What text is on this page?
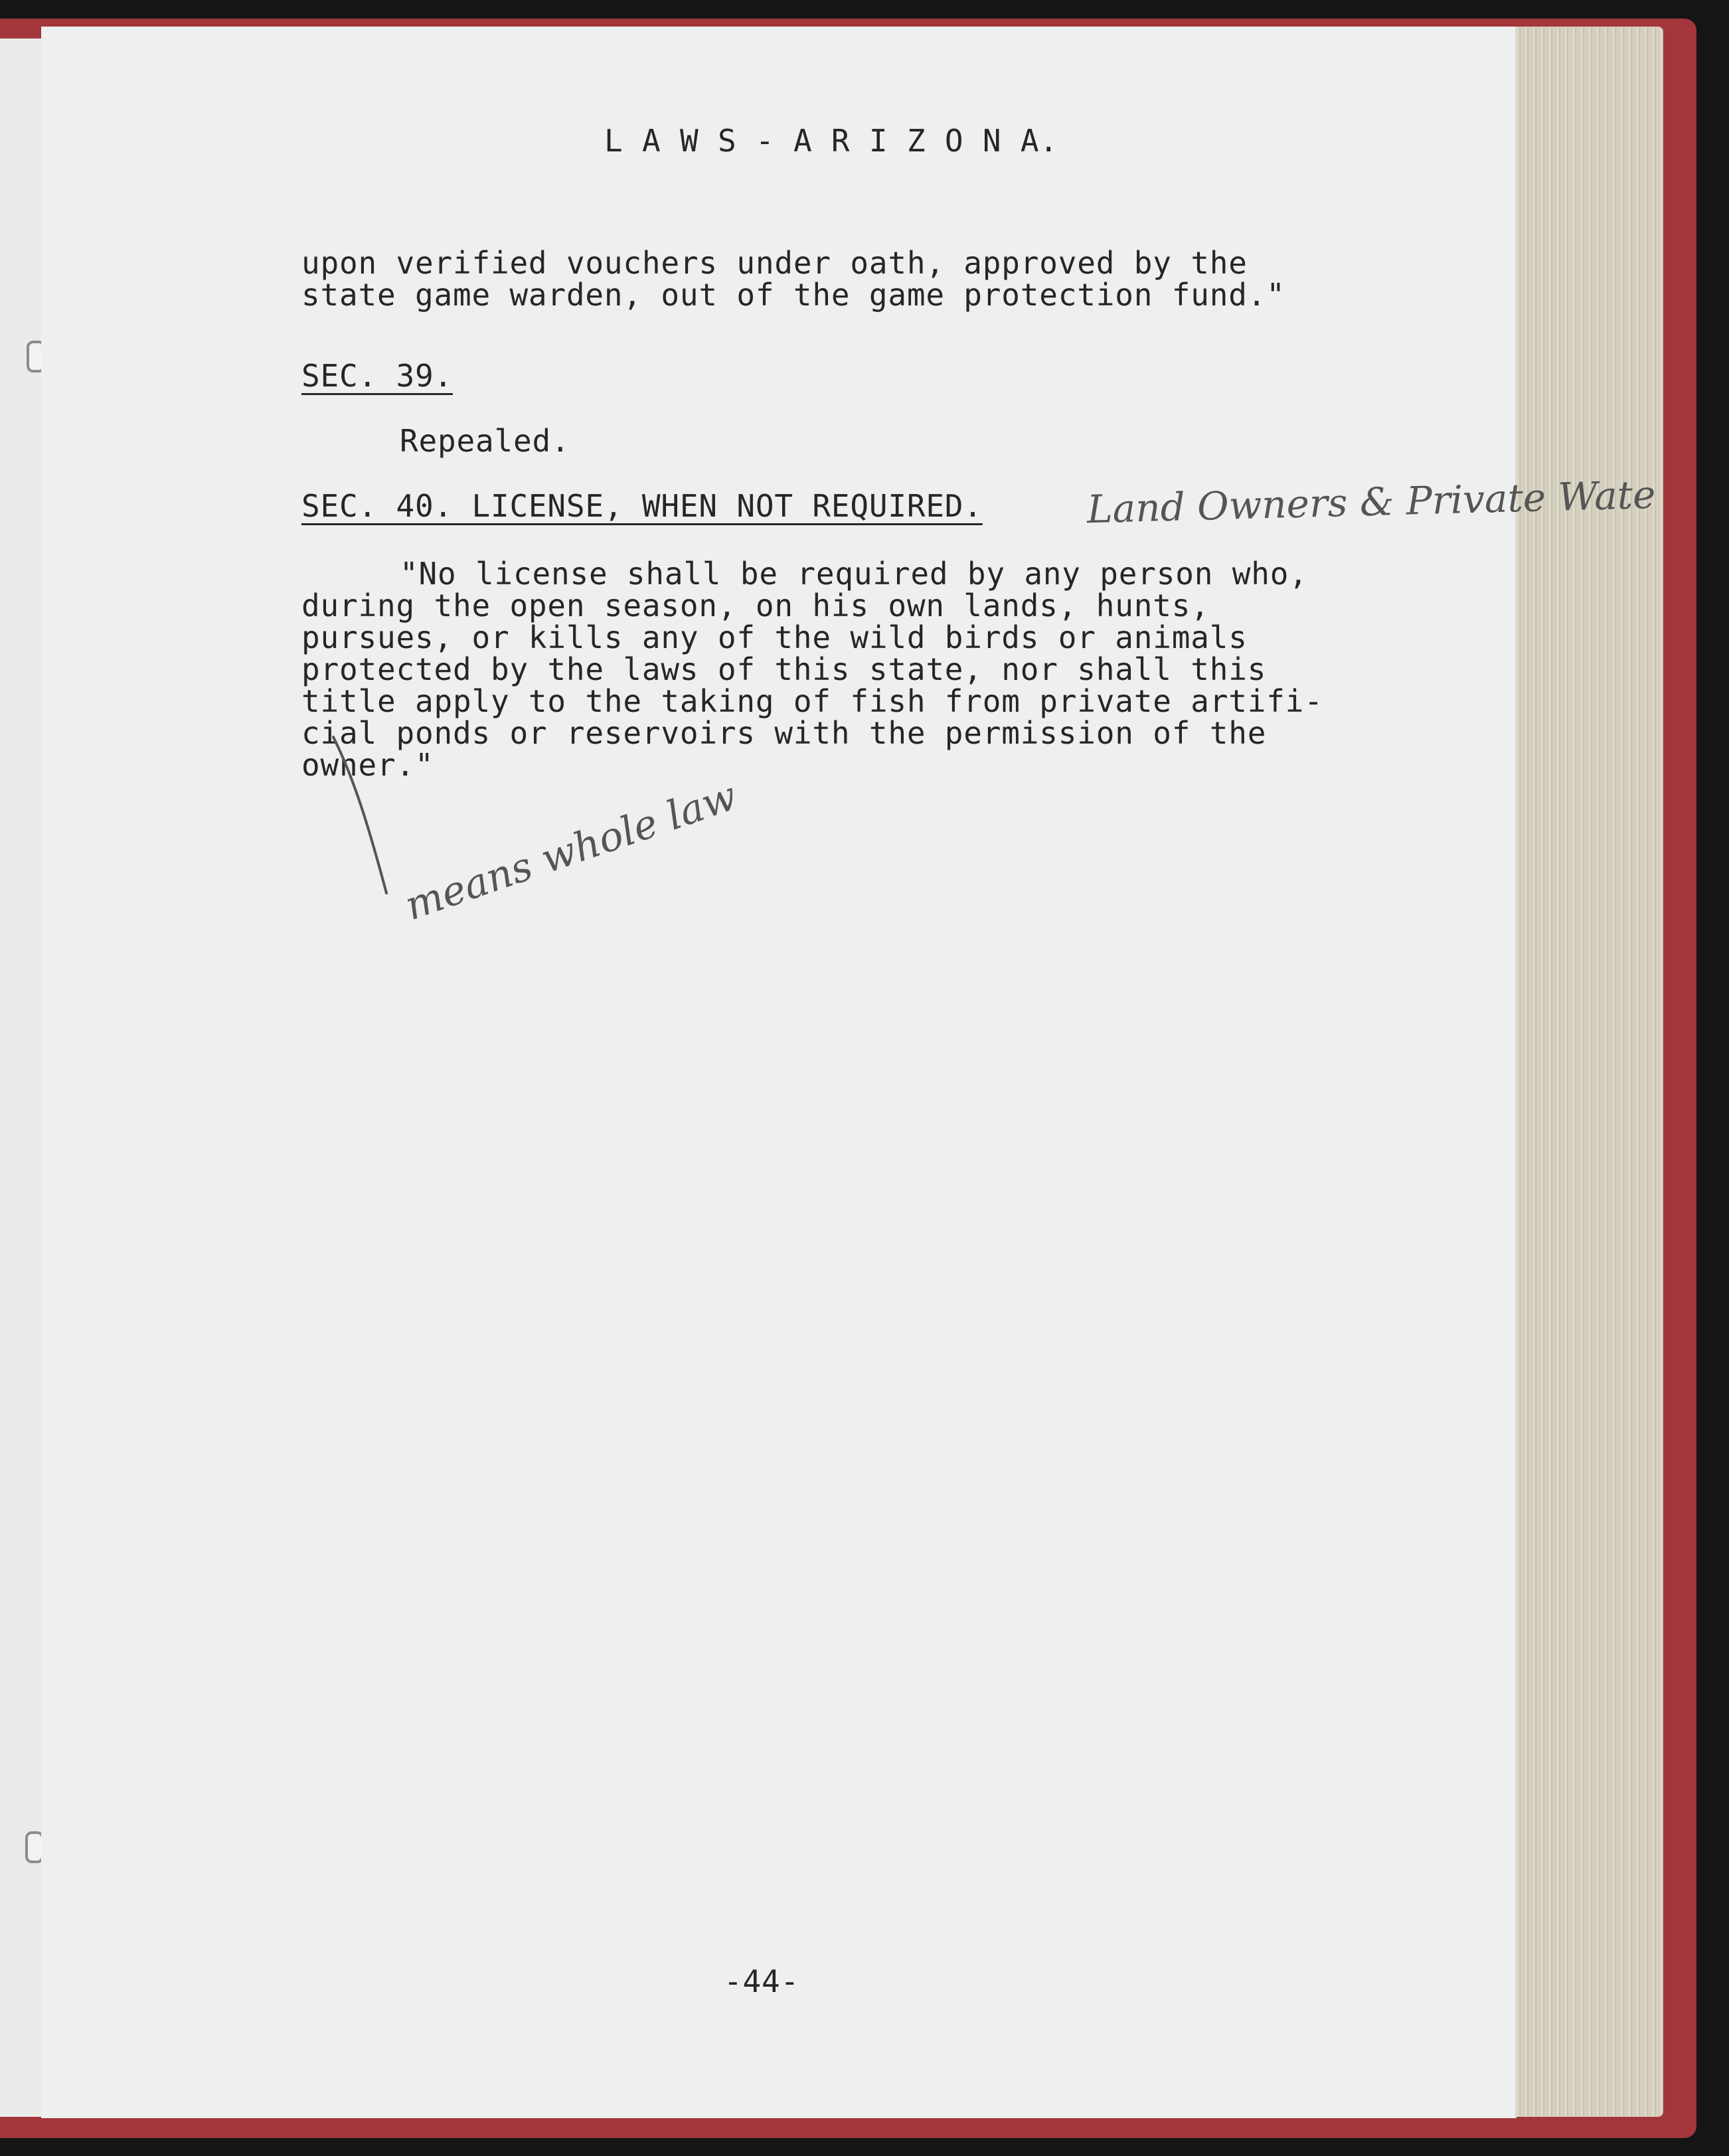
L A W S - A R I Z O N A.
upon verified vouchers under oath, approved by the
state game warden, out of the game protection fund."
SEC. 39.
Repealed.
SEC. 40. LICENSE, WHEN NOT REQUIRED.
"No license shall be required by any person who,
during the open season, on his own lands, hunts,
pursues, or kills any of the wild birds or animals
protected by the laws of this state, nor shall this
title apply to the taking of fish from private artifi-
cial ponds or reservoirs with the permission of the
owner."
Land Owners & Private Wate
means whole law
-44-
